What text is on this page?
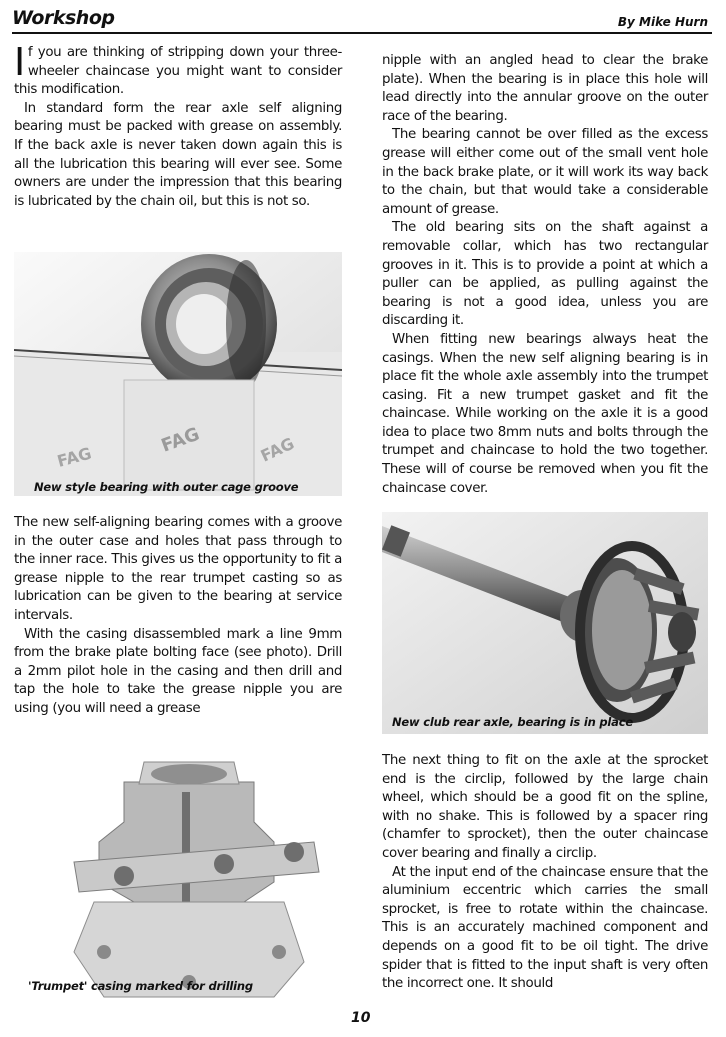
Workshop	By Mike Hurn

If you are thinking of stripping down your three-wheeler chaincase you might want to consider this modification.

In standard form the rear axle self aligning bearing must be packed with grease on assembly. If the back axle is never taken down again this is all the lubrication this bearing will ever see. Some owners are under the impression that this bearing is lubricated by the chain oil, but this is not so.

FAG
FAG	FAG
New style bearing with outer cage groove

The new self-aligning bearing comes with a groove in the outer case and holes that pass through to the inner race. This gives us the opportunity to fit a grease nipple to the rear trumpet casting so as lubrication can be given to the bearing at service intervals.

With the casing disassembled mark a line 9mm from the brake plate bolting face (see photo). Drill a 2mm pilot hole in the casing and then drill and tap the hole to take the grease nipple you are using (you will need a grease

'Trumpet' casing marked for drilling

nipple with an angled head to clear the brake plate). When the bearing is in place this hole will lead directly into the annular groove on the outer race of the bearing.

The bearing cannot be over filled as the excess grease will either come out of the small vent hole in the back brake plate, or it will work its way back to the chain, but that would take a considerable amount of grease.

The old bearing sits on the shaft against a removable collar, which has two rectangular grooves in it. This is to provide a point at which a puller can be applied, as pulling against the bearing is not a good idea, unless you are discarding it.

When fitting new bearings always heat the casings. When the new self aligning bearing is in place fit the whole axle assembly into the trumpet casing. Fit a new trumpet gasket and fit the chaincase. While working on the axle it is a good idea to place two 8mm nuts and bolts through the trumpet and chaincase to hold the two together. These will of course be removed when you fit the chaincase cover.

New club rear axle, bearing is in place

The next thing to fit on the axle at the sprocket end is the circlip, followed by the large chain wheel, which should be a good fit on the spline, with no shake. This is followed by a spacer ring (chamfer to sprocket), then the outer chaincase cover bearing and finally a circlip.

At the input end of the chaincase ensure that the aluminium eccentric which carries the small sprocket, is free to rotate within the chaincase. This is an accurately machined component and depends on a good fit to be oil tight. The drive spider that is fitted to the input shaft is very often the incorrect one. It should

10
